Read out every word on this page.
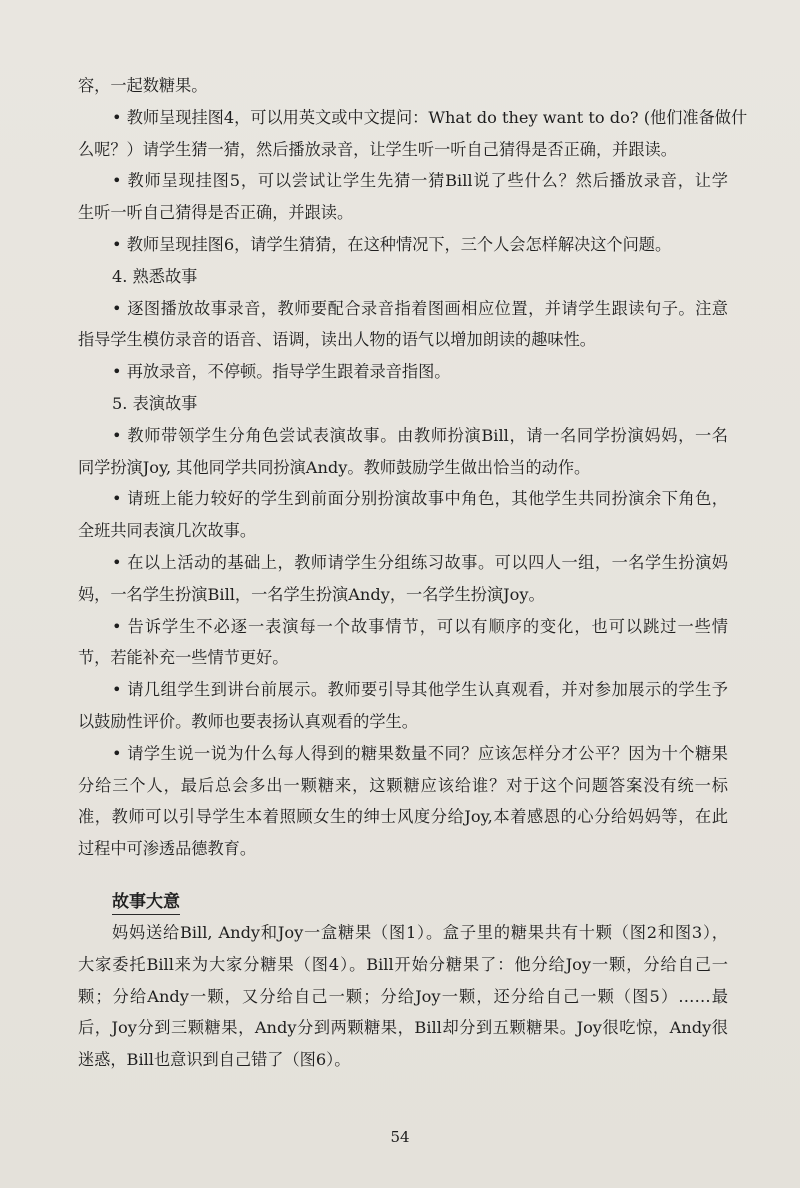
容，一起数糖果。

• 教师呈现挂图4，可以用英文或中文提问：What do they want to do? (他们准备做什

么呢？）请学生猜一猜，然后播放录音，让学生听一听自己猜得是否正确，并跟读。

• 教师呈现挂图5，可以尝试让学生先猜一猜Bill说了些什么？然后播放录音，让学

生听一听自己猜得是否正确，并跟读。

• 教师呈现挂图6，请学生猜猜，在这种情况下，三个人会怎样解决这个问题。

4. 熟悉故事

• 逐图播放故事录音，教师要配合录音指着图画相应位置，并请学生跟读句子。注意

指导学生模仿录音的语音、语调，读出人物的语气以增加朗读的趣味性。

• 再放录音，不停顿。指导学生跟着录音指图。

5. 表演故事

• 教师带领学生分角色尝试表演故事。由教师扮演Bill，请一名同学扮演妈妈，一名

同学扮演Joy, 其他同学共同扮演Andy。教师鼓励学生做出恰当的动作。

• 请班上能力较好的学生到前面分别扮演故事中角色，其他学生共同扮演余下角色，

全班共同表演几次故事。

• 在以上活动的基础上，教师请学生分组练习故事。可以四人一组，一名学生扮演妈

妈，一名学生扮演Bill，一名学生扮演Andy，一名学生扮演Joy。

• 告诉学生不必逐一表演每一个故事情节，可以有顺序的变化，也可以跳过一些情

节，若能补充一些情节更好。

• 请几组学生到讲台前展示。教师要引导其他学生认真观看，并对参加展示的学生予

以鼓励性评价。教师也要表扬认真观看的学生。

• 请学生说一说为什么每人得到的糖果数量不同？应该怎样分才公平？因为十个糖果

分给三个人，最后总会多出一颗糖来，这颗糖应该给谁？对于这个问题答案没有统一标

准，教师可以引导学生本着照顾女生的绅士风度分给Joy,本着感恩的心分给妈妈等，在此

过程中可渗透品德教育。

故事大意

妈妈送给Bill, Andy和Joy一盒糖果（图1）。盒子里的糖果共有十颗（图2和图3），

大家委托Bill来为大家分糖果（图4）。Bill开始分糖果了：他分给Joy一颗，分给自己一

颗；分给Andy一颗，又分给自己一颗；分给Joy一颗，还分给自己一颗（图5）……最

后，Joy分到三颗糖果，Andy分到两颗糖果，Bill却分到五颗糖果。Joy很吃惊，Andy很

迷惑，Bill也意识到自己错了（图6）。

54
